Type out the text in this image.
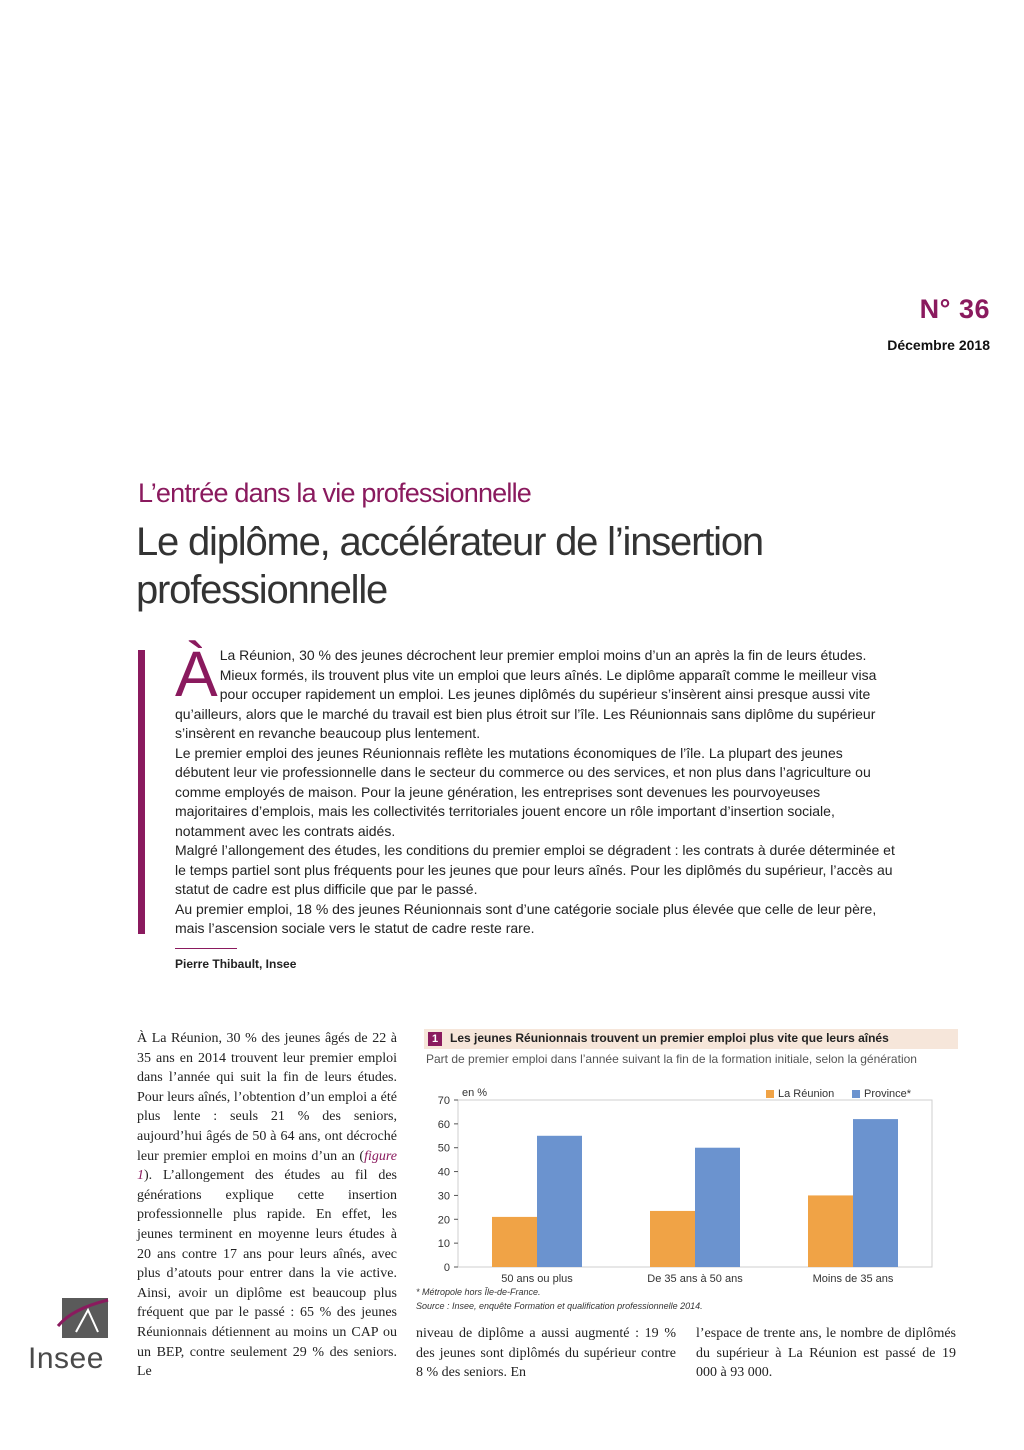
N° 36
Décembre 2018
L’entrée dans la vie professionnelle
Le diplôme, accélérateur de l’insertion professionnelle
À La Réunion, 30 % des jeunes décrochent leur premier emploi moins d’un an après la fin de leurs études. Mieux formés, ils trouvent plus vite un emploi que leurs aînés. Le diplôme apparaît comme le meilleur visa pour occuper rapidement un emploi. Les jeunes diplômés du supérieur s’insèrent ainsi presque aussi vite qu’ailleurs, alors que le marché du travail est bien plus étroit sur l’île. Les Réunionnais sans diplôme du supérieur s’insèrent en revanche beaucoup plus lentement.

Le premier emploi des jeunes Réunionnais reflète les mutations économiques de l’île. La plupart des jeunes débutent leur vie professionnelle dans le secteur du commerce ou des services, et non plus dans l’agriculture ou comme employés de maison. Pour la jeune génération, les entreprises sont devenues les pourvoyeuses majoritaires d’emplois, mais les collectivités territoriales jouent encore un rôle important d’insertion sociale, notamment avec les contrats aidés.

Malgré l’allongement des études, les conditions du premier emploi se dégradent : les contrats à durée déterminée et le temps partiel sont plus fréquents pour les jeunes que pour leurs aînés. Pour les diplômés du supérieur, l’accès au statut de cadre est plus difficile que par le passé.

Au premier emploi, 18 % des jeunes Réunionnais sont d’une catégorie sociale plus élevée que celle de leur père, mais l’ascension sociale vers le statut de cadre reste rare.

Pierre Thibault, Insee
À La Réunion, 30 % des jeunes âgés de 22 à 35 ans en 2014 trouvent leur premier emploi dans l’année qui suit la fin de leurs études. Pour leurs aînés, l’obtention d’un emploi a été plus lente : seuls 21 % des seniors, aujourd’hui âgés de 50 à 64 ans, ont décroché leur premier emploi en moins d’un an (figure 1). L’allongement des études au fil des générations explique cette insertion professionnelle plus rapide. En effet, les jeunes terminent en moyenne leurs études à 20 ans contre 17 ans pour leurs aînés, avec plus d’atouts pour entrer dans la vie active. Ainsi, avoir un diplôme est beaucoup plus fréquent que par le passé : 65 % des jeunes Réunionnais détiennent au moins un CAP ou un BEP, contre seulement 29 % des seniors. Le
niveau de diplôme a aussi augmenté : 19 % des jeunes sont diplômés du supérieur contre 8 % des seniors. En
l’espace de trente ans, le nombre de diplômés du supérieur à La Réunion est passé de 19 000 à 93 000.
1 Les jeunes Réunionnais trouvent un premier emploi plus vite que leurs aînés
Part de premier emploi dans l’année suivant la fin de la formation initiale, selon la génération
0
10
20
30
40
50
60
70
en %
50 ans ou plus	De 35 ans à 50 ans	Moins de 35 ans
La Réunion	Province*
* Métropole hors Île-de-France.
Source : Insee, enquête Formation et qualification professionnelle 2014.
Insee
